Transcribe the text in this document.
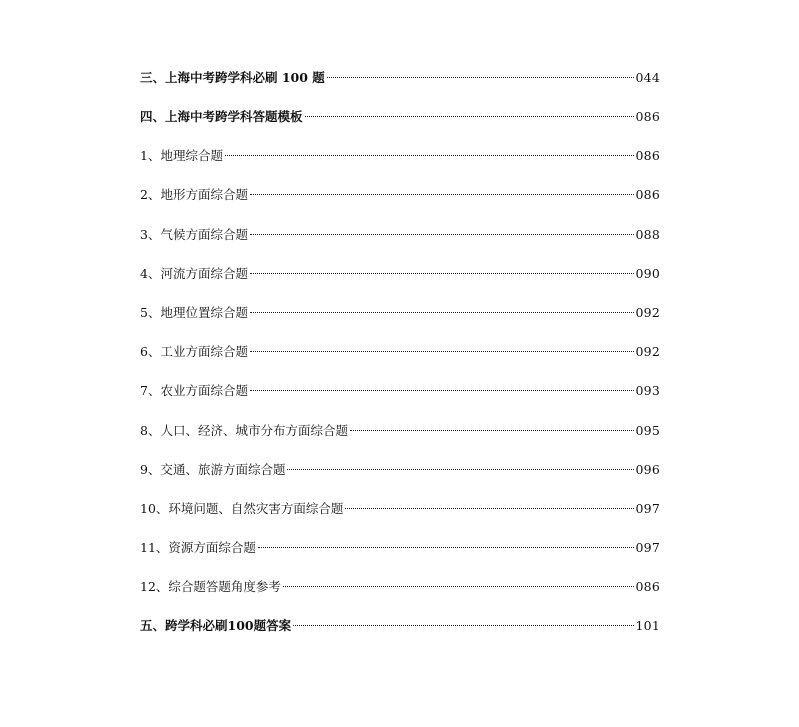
三、上海中考跨学科必刷 100 题	044
四、上海中考跨学科答题模板	086
1、地理综合题	086
2、地形方面综合题	086
3、气候方面综合题	088
4、河流方面综合题	090
5、地理位置综合题	092
6、工业方面综合题	092
7、农业方面综合题	093
8、人口、经济、城市分布方面综合题	095
9、交通、旅游方面综合题	096
10、环境问题、自然灾害方面综合题	097
11、资源方面综合题	097
12、综合题答题角度参考	086
五、跨学科必刷100题答案	101
